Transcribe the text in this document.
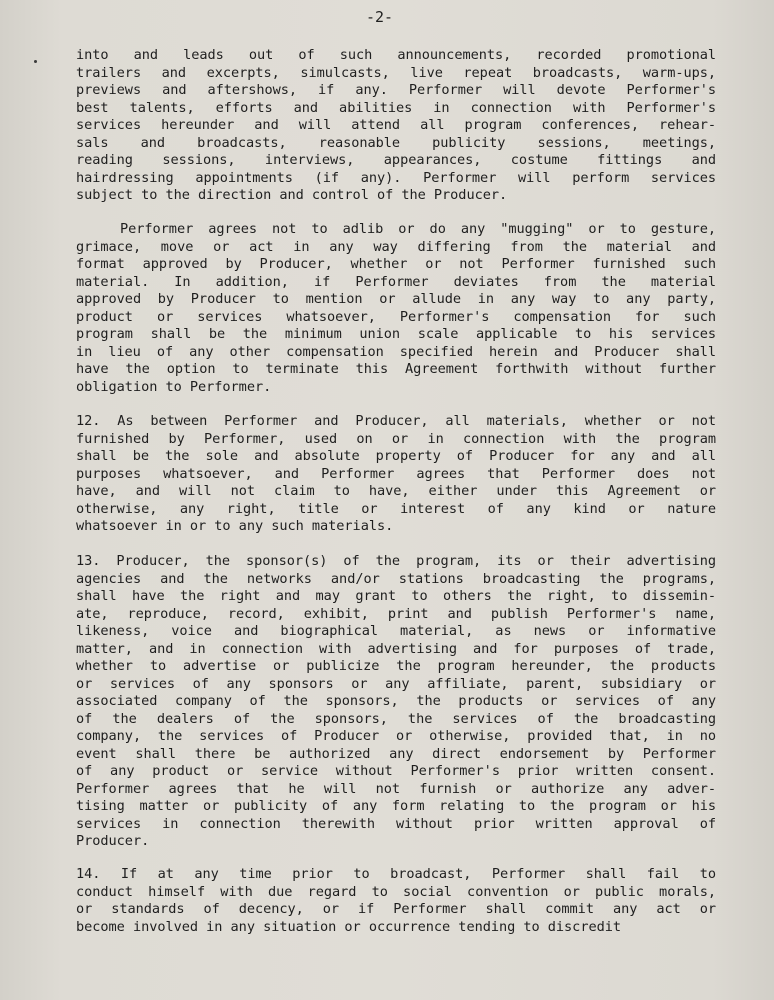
-2-
into and leads out of such announcements, recorded promotional
trailers and excerpts, simulcasts, live repeat broadcasts, warm-ups,
previews and aftershows, if any. Performer will devote Performer's
best talents, efforts and abilities in connection with Performer's
services hereunder and will attend all program conferences, rehear-
sals and broadcasts, reasonable publicity sessions, meetings,
reading sessions, interviews, appearances, costume fittings and
hairdressing appointments (if any). Performer will perform services
subject to the direction and control of the Producer.
Performer agrees not to adlib or do any "mugging" or to gesture,
grimace, move or act in any way differing from the material and
format approved by Producer, whether or not Performer furnished such
material. In addition, if Performer deviates from the material
approved by Producer to mention or allude in any way to any party,
product or services whatsoever, Performer's compensation for such
program shall be the minimum union scale applicable to his services
in lieu of any other compensation specified herein and Producer shall
have the option to terminate this Agreement forthwith without further
obligation to Performer.
12. As between Performer and Producer, all materials, whether or not
furnished by Performer, used on or in connection with the program
shall be the sole and absolute property of Producer for any and all
purposes whatsoever, and Performer agrees that Performer does not
have, and will not claim to have, either under this Agreement or
otherwise, any right, title or interest of any kind or nature
whatsoever in or to any such materials.
13. Producer, the sponsor(s) of the program, its or their advertising
agencies and the networks and/or stations broadcasting the programs,
shall have the right and may grant to others the right, to dissemin-
ate, reproduce, record, exhibit, print and publish Performer's name,
likeness, voice and biographical material, as news or informative
matter, and in connection with advertising and for purposes of trade,
whether to advertise or publicize the program hereunder, the products
or services of any sponsors or any affiliate, parent, subsidiary or
associated company of the sponsors, the products or services of any
of the dealers of the sponsors, the services of the broadcasting
company, the services of Producer or otherwise, provided that, in no
event shall there be authorized any direct endorsement by Performer
of any product or service without Performer's prior written consent.
Performer agrees that he will not furnish or authorize any adver-
tising matter or publicity of any form relating to the program or his
services in connection therewith without prior written approval of
Producer.
14. If at any time prior to broadcast, Performer shall fail to
conduct himself with due regard to social convention or public morals,
or standards of decency, or if Performer shall commit any act or
become involved in any situation or occurrence tending to discredit
